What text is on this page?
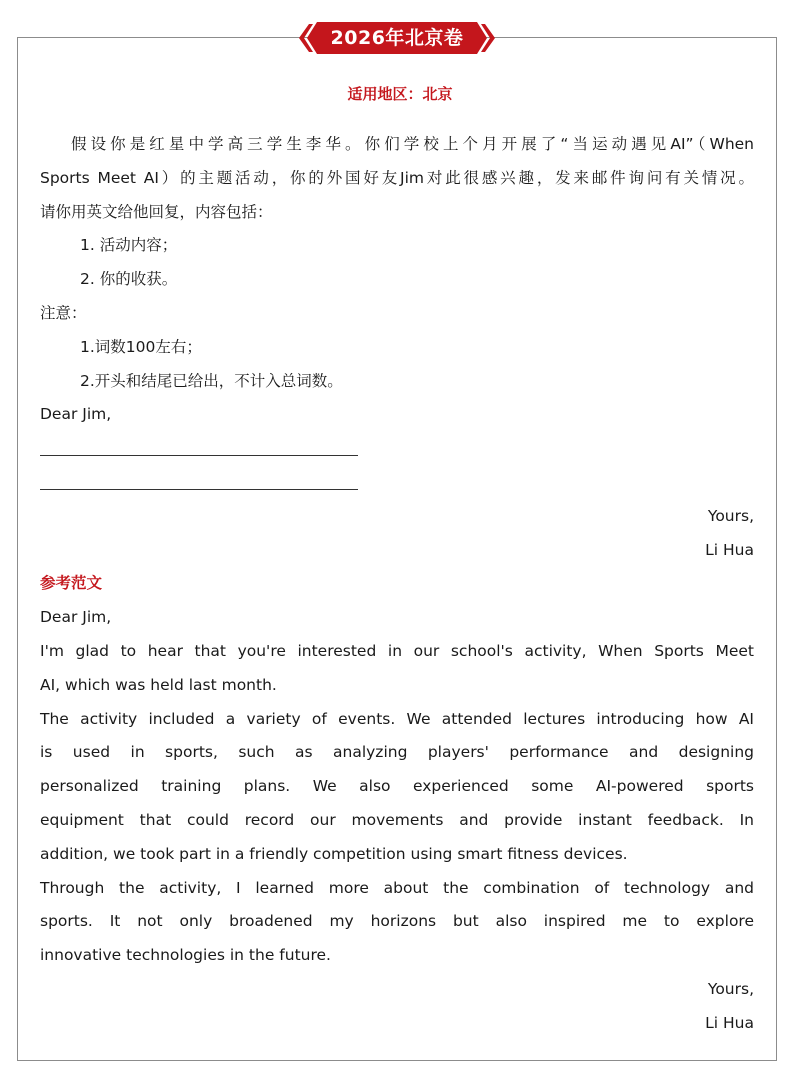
2026年北京卷
适用地区：北京
假设你是红星中学高三学生李华。你们学校上个月开展了“当运动遇见AI”（When
Sports Meet AI）的主题活动，你的外国好友Jim对此很感兴趣，发来邮件询问有关情况。
请你用英文给他回复，内容包括：
1. 活动内容；
2. 你的收获。
注意：
1.词数100左右；
2.开头和结尾已给出，不计入总词数。
Dear Jim,
Yours,
Li Hua
参考范文
Dear Jim,
I'm glad to hear that you're interested in our school's activity, When Sports Meet
AI, which was held last month.
The activity included a variety of events. We attended lectures introducing how AI
is used in sports, such as analyzing players' performance and designing
personalized training plans. We also experienced some AI-powered sports
equipment that could record our movements and provide instant feedback. In
addition, we took part in a friendly competition using smart fitness devices.
Through the activity, I learned more about the combination of technology and
sports. It not only broadened my horizons but also inspired me to explore
innovative technologies in the future.
Yours,
Li Hua
